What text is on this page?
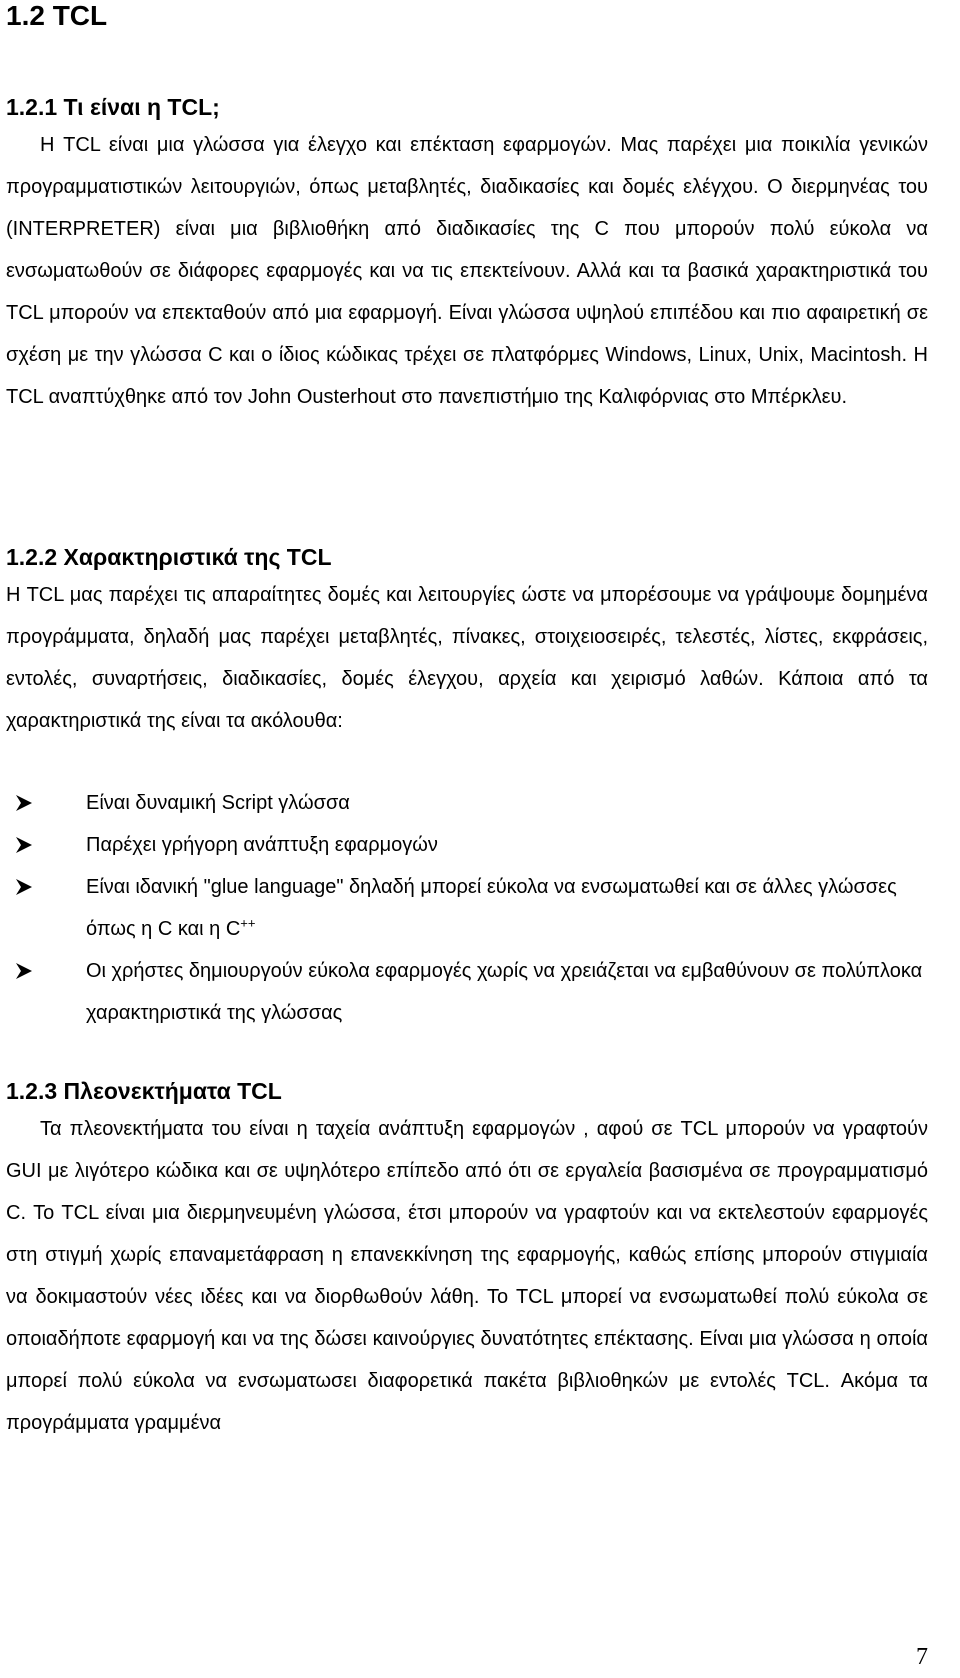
1.2 TCL
1.2.1 Τι είναι η TCL;

Η TCL είναι μια γλώσσα για έλεγχο και επέκταση εφαρμογών. Μας παρέχει μια ποικιλία γενικών προγραμματιστικών λειτουργιών, όπως μεταβλητές, διαδικασίες και δομές ελέγχου. Ο διερμηνέας του (INTERPRETER) είναι μια βιβλιοθήκη από διαδικασίες της C που μπορούν πολύ εύκολα να ενσωματωθούν σε διάφορες εφαρμογές και να τις επεκτείνουν. Αλλά και τα βασικά χαρακτηριστικά του TCL μπορούν να επεκταθούν από μια εφαρμογή. Είναι γλώσσα υψηλού επιπέδου και πιο αφαιρετική σε σχέση με την γλώσσα C και ο ίδιος κώδικας τρέχει σε πλατφόρμες Windows, Linux, Unix, Macintosh. Η TCL αναπτύχθηκε από τον John Ousterhout στο πανεπιστήμιο της Καλιφόρνιας στο Μπέρκλευ.

1.2.2 Χαρακτηριστικά της TCL

Η TCL μας παρέχει τις απαραίτητες δομές και λειτουργίες ώστε να μπορέσουμε να γράψουμε δομημένα προγράμματα, δηλαδή μας παρέχει μεταβλητές, πίνακες, στοιχειοσειρές, τελεστές, λίστες, εκφράσεις, εντολές, συναρτήσεις, διαδικασίες, δομές έλεγχου, αρχεία και χειρισμό λαθών. Κάποια από τα χαρακτηριστικά της είναι τα ακόλουθα:

Είναι δυναμική Script γλώσσα
Παρέχει γρήγορη ανάπτυξη εφαρμογών
Είναι ιδανική "glue language" δηλαδή μπορεί εύκολα να ενσωματωθεί και σε άλλες γλώσσες όπως η C και η C++
Οι χρήστες δημιουργούν εύκολα εφαρμογές χωρίς να χρειάζεται να εμβαθύνουν σε πολύπλοκα χαρακτηριστικά της γλώσσας
1.2.3 Πλεονεκτήματα TCL

Τα πλεονεκτήματα του είναι η ταχεία ανάπτυξη εφαρμογών , αφού σε TCL μπορούν να γραφτούν GUI με λιγότερο κώδικα και σε υψηλότερο επίπεδο από ότι σε εργαλεία βασισμένα σε προγραμματισμό C. Το TCL είναι μια διερμηνευμένη γλώσσα, έτσι μπορούν να γραφτούν και να εκτελεστούν εφαρμογές στη στιγμή χωρίς επαναμετάφραση η επανεκκίνηση της εφαρμογής, καθώς επίσης μπορούν στιγμιαία να δοκιμαστούν νέες ιδέες και να διορθωθούν λάθη. Το TCL μπορεί να ενσωματωθεί πολύ εύκολα σε οποιαδήποτε εφαρμογή και να της δώσει καινούργιες δυνατότητες επέκτασης. Είναι μια γλώσσα η οποία μπορεί πολύ εύκολα να ενσωματωσει διαφορετικά πακέτα βιβλιοθηκών με εντολές TCL. Ακόμα τα προγράμματα γραμμένα

7
